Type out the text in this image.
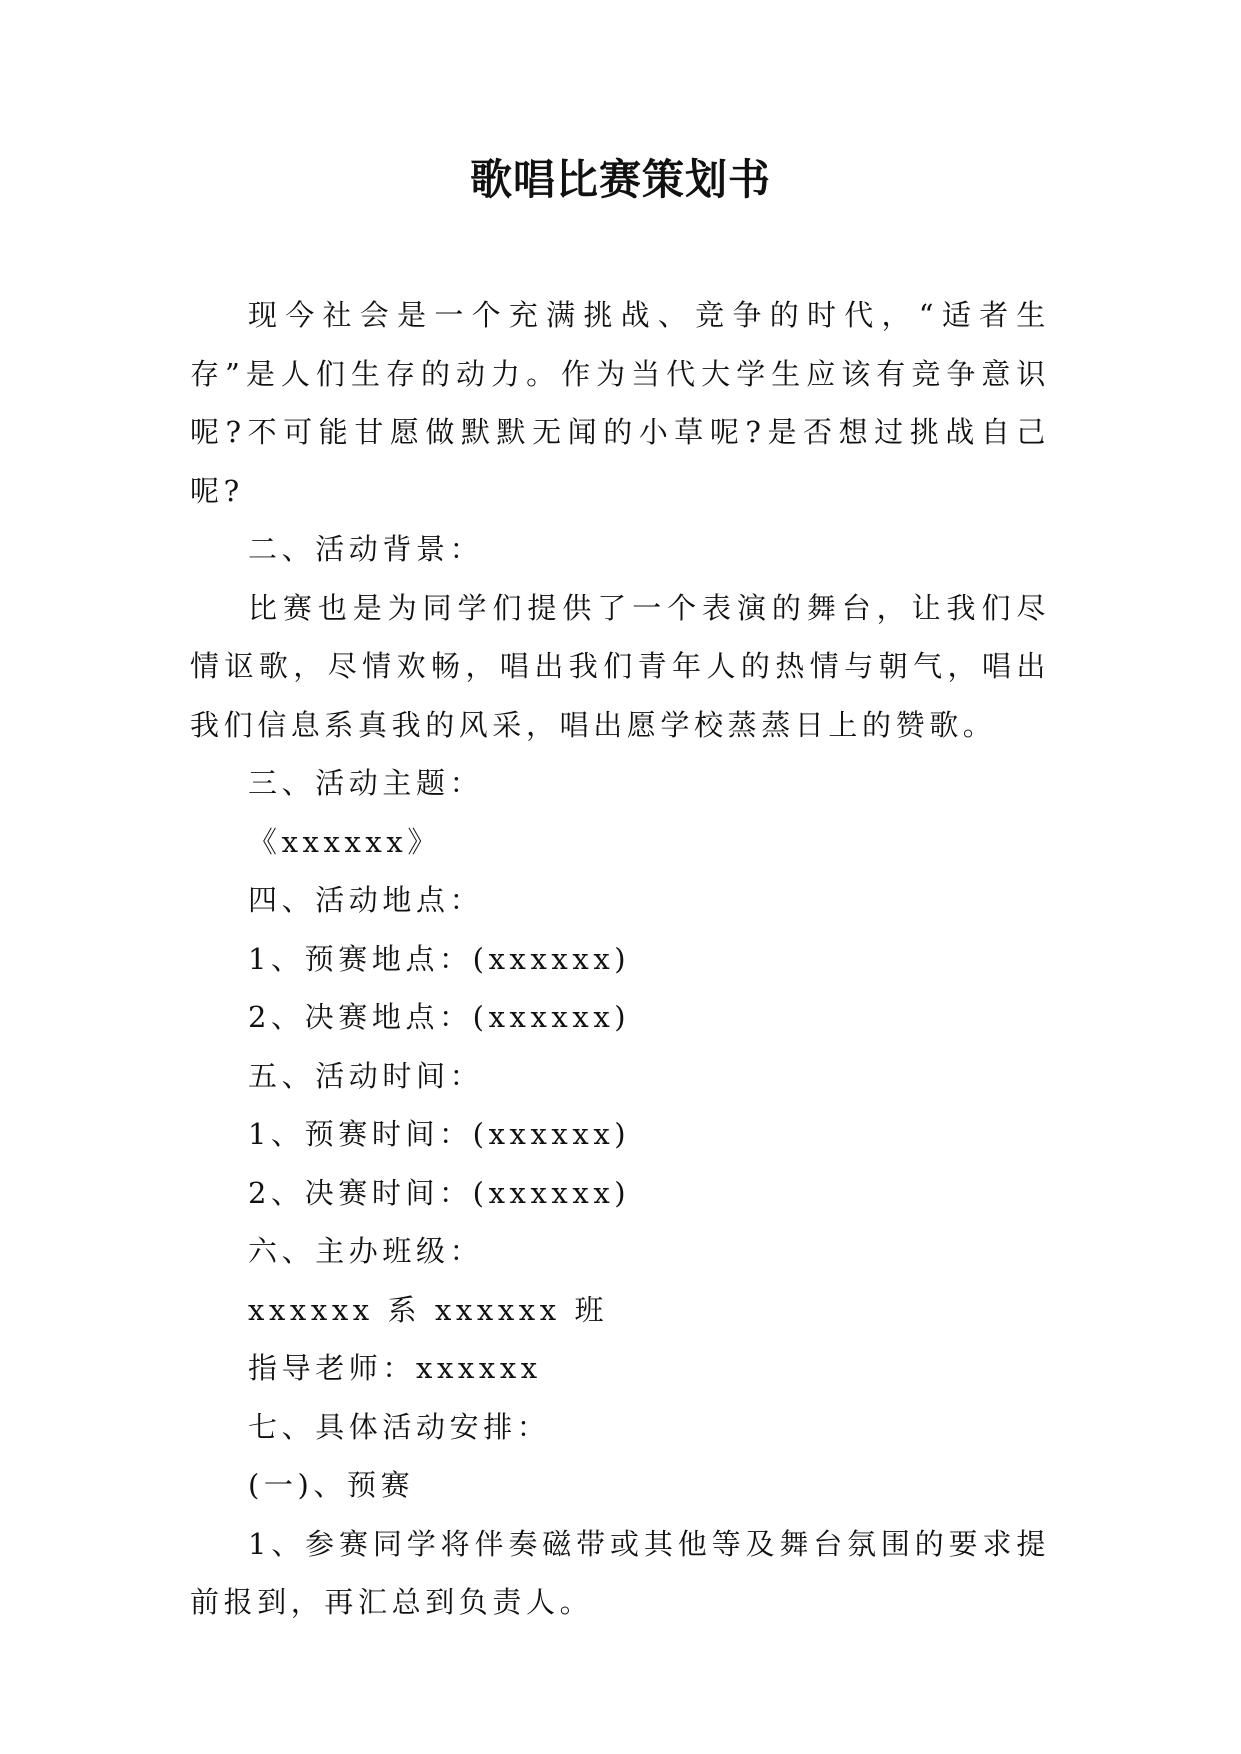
歌唱比赛策划书

现今社会是一个充满挑战、竞争的时代，“适者生存”是人们生存的动力。作为当代大学生应该有竞争意识呢?不可能甘愿做默默无闻的小草呢?是否想过挑战自己呢?

二、活动背景：

比赛也是为同学们提供了一个表演的舞台，让我们尽情讴歌，尽情欢畅，唱出我们青年人的热情与朝气，唱出我们信息系真我的风采，唱出愿学校蒸蒸日上的赞歌。

三、活动主题：

《xxxxxx》

四、活动地点：

1、预赛地点：(xxxxxx)

2、决赛地点：(xxxxxx)

五、活动时间：

1、预赛时间：(xxxxxx)

2、决赛时间：(xxxxxx)

六、主办班级：

xxxxxx 系 xxxxxx 班

指导老师：xxxxxx

七、具体活动安排：

(一)、预赛

1、参赛同学将伴奏磁带或其他等及舞台氛围的要求提前报到，再汇总到负责人。
